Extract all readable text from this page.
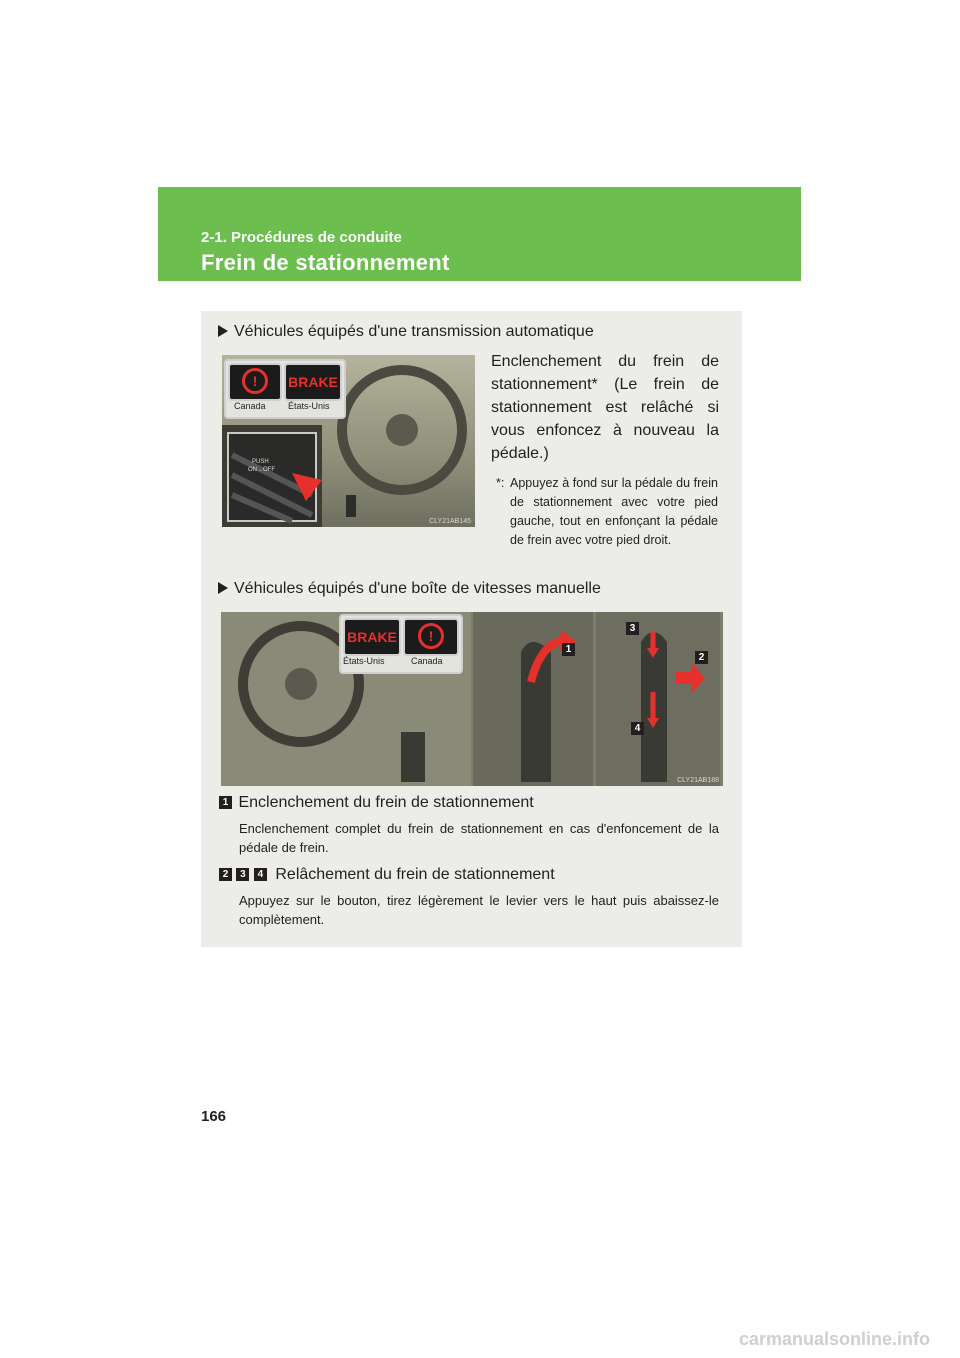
2-1. Procédures de conduite
Frein de stationnement
Véhicules équipés d'une transmission automatique
!	BRAKE
Canada États-Unis
PUSH
ON→OFF
CLY21AB145
Enclenchement du frein de stationnement* (Le frein de stationnement est relâché si vous enfoncez à nouveau la pédale.)
*: Appuyez à fond sur la pédale du frein de stationnement avec votre pied gauche, tout en enfonçant la pédale de frein avec votre pied droit.
Véhicules équipés d'une boîte de vitesses manuelle
BRAKE	!
États-Unis	Canada
1
2
3
4
CLY21AB188
1 Enclenchement du frein de stationnement
Enclenchement complet du frein de stationnement en cas d'enfoncement de la pédale de frein.
2 3 4 Relâchement du frein de stationnement
Appuyez sur le bouton, tirez légèrement le levier vers le haut puis abaissez-le complètement.
166
carmanualsonline.info
